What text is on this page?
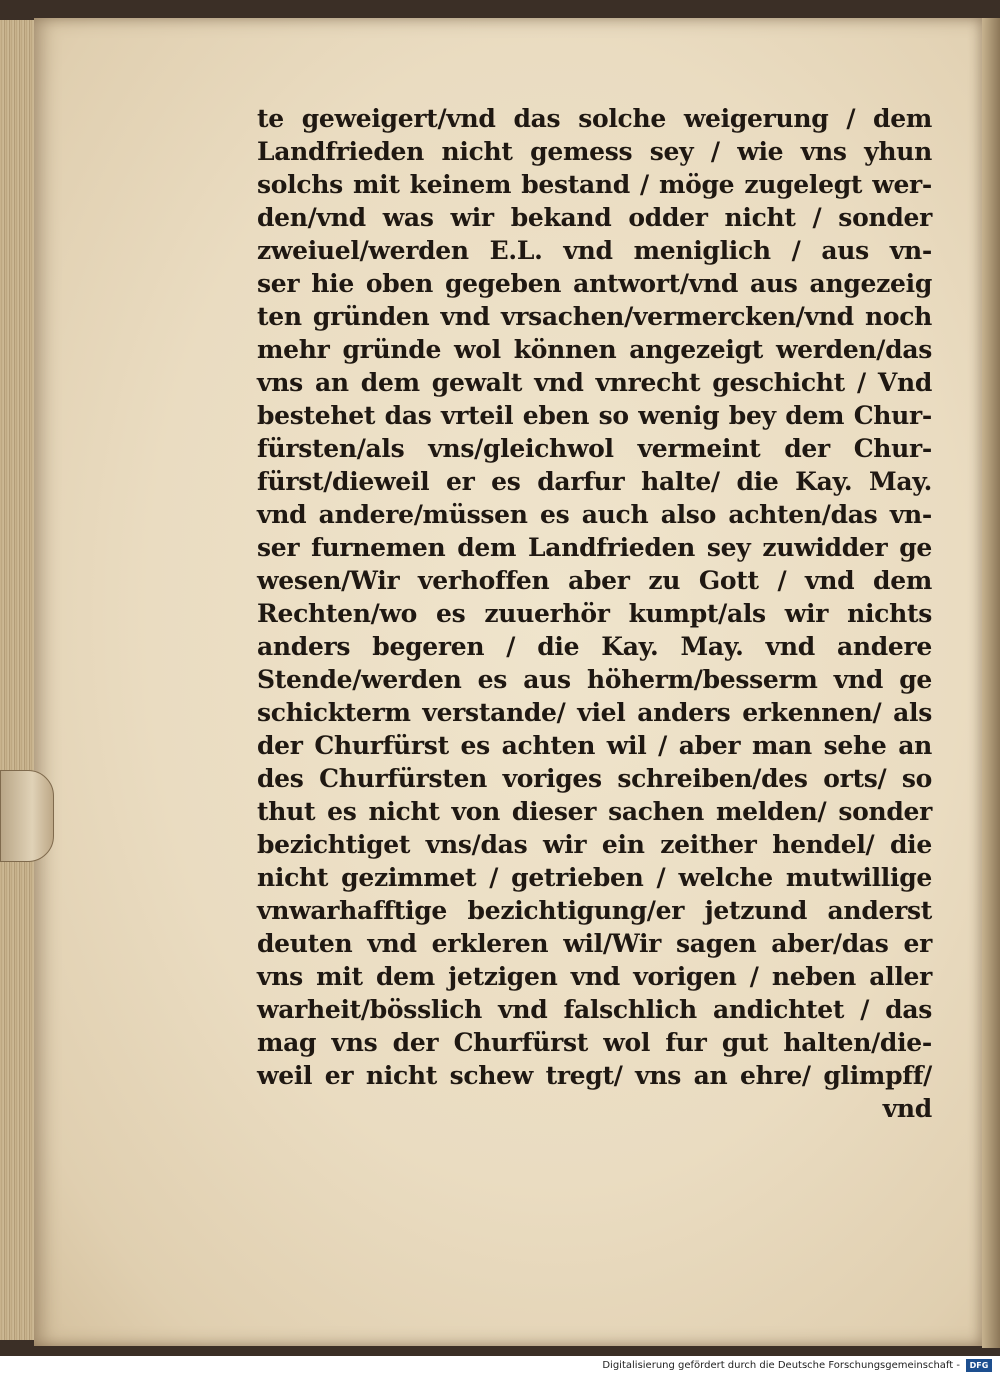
te geweigert/vnd das solche weigerung / dem
Landfrieden nicht gemess sey / wie vns yhun
solchs mit keinem bestand / möge zugelegt wer-
den/vnd was wir bekand odder nicht / sonder
zweiuel/werden E.L. vnd meniglich / aus vn-
ser hie oben gegeben antwort/vnd aus angezeig
ten gründen vnd vrsachen/vermercken/vnd noch
mehr gründe wol können angezeigt werden/das
vns an dem gewalt vnd vnrecht geschicht / Vnd
bestehet das vrteil eben so wenig bey dem Chur-
fürsten/als vns/gleichwol vermeint der Chur-
fürst/dieweil er es darfur halte/ die Kay. May.
vnd andere/müssen es auch also achten/das vn-
ser furnemen dem Landfrieden sey zuwidder ge
wesen/Wir verhoffen aber zu Gott / vnd dem
Rechten/wo es zuuerhör kumpt/als wir nichts
anders begeren / die Kay. May. vnd andere
Stende/werden es aus höherm/besserm vnd ge
schickterm verstande/ viel anders erkennen/ als
der Churfürst es achten wil / aber man sehe an
des Churfürsten voriges schreiben/des orts/ so
thut es nicht von dieser sachen melden/ sonder
bezichtiget vns/das wir ein zeither hendel/ die
nicht gezimmet / getrieben / welche mutwillige
vnwarhafftige bezichtigung/er jetzund anderst
deuten vnd erkleren wil/Wir sagen aber/das er
vns mit dem jetzigen vnd vorigen / neben aller
warheit/bösslich vnd falschlich andichtet / das
mag vns der Churfürst wol fur gut halten/die-
weil er nicht schew tregt/ vns an ehre/ glimpff/
vnd
Digitalisierung gefördert durch die Deutsche Forschungsgemeinschaft -	DFG
